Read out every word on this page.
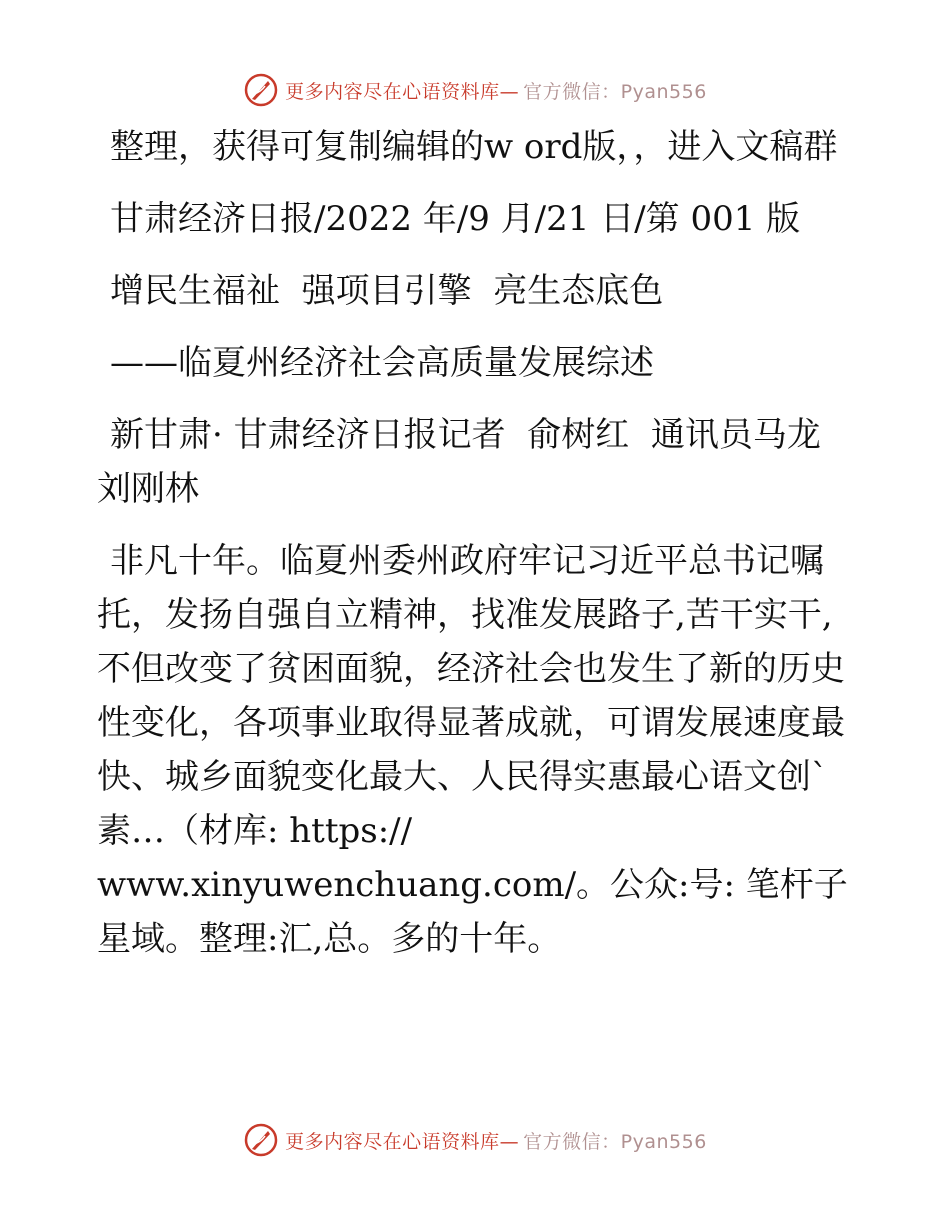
更多内容尽在心语资料库— 官方微信：Pyan556

整理，获得可复制编辑的w ord版，，进入文稿群

甘肃经济日报/2022 年/9 月/21 日/第 001 版

增民生福祉  强项目引擎  亮生态底色

——临夏州经济社会高质量发展综述

新甘肃· 甘肃经济日报记者  俞树红  通讯员马龙  刘刚林

非凡十年。临夏州委州政府牢记习近平总书记嘱托，发扬自强自立精神，找准发展路子,苦干实干,不但改变了贫困面貌，经济社会也发生了新的历史性变化，各项事业取得显著成就，可谓发展速度最快、城乡面貌变化最大、人民得实惠最心语文创`素…（材库: https://

www.xinyuwenchuang.com/。公众:号: 笔杆子星域。整理:汇,总。多的十年。

更多内容尽在心语资料库— 官方微信：Pyan556
